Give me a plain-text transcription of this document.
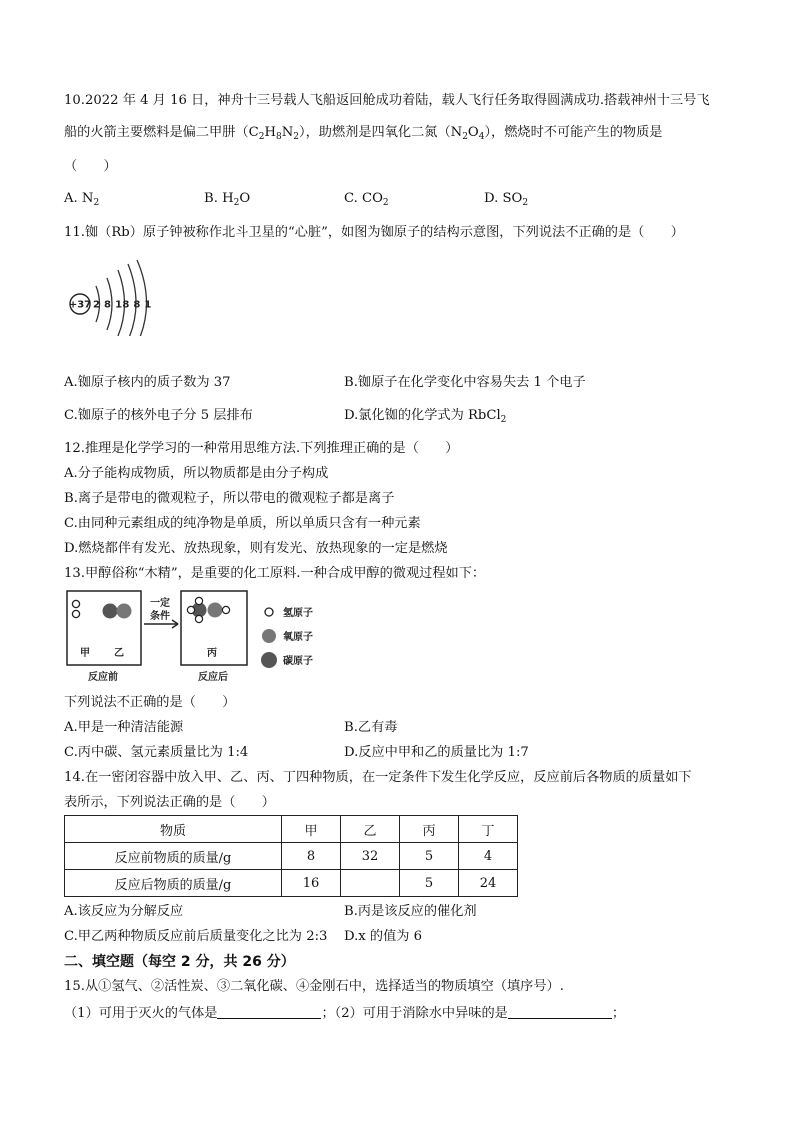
10.2022 年 4 月 16 日，神舟十三号载人飞船返回舱成功着陆，载人飞行任务取得圆满成功.搭载神州十三号飞
船的火箭主要燃料是偏二甲肼$(C_2H_8N_2)$，助燃剂是四氧化二氮$(N_2O_4)$，燃烧时不可能产生的物质是
（　　）
A. $N_2$	B. $H_2O$	C. $CO_2$	D. $SO_2$
11.铷（Rb）原子钟被称作北斗卫星的“心脏”，如图为铷原子的结构示意图，下列说法不正确的是（　　）
+37 2 8 18 8 1
A.铷原子核内的质子数为 37	B.铷原子在化学变化中容易失去 1 个电子
C.铷原子的核外电子分 5 层排布	D.氯化铷的化学式为 RbCl$_2$
12.推理是化学学习的一种常用思维方法.下列推理正确的是（　　）
A.分子能构成物质，所以物质都是由分子构成
B.离子是带电的微观粒子，所以带电的微观粒子都是离子
C.由同种元素组成的纯净物是单质，所以单质只含有一种元素
D.燃烧都伴有发光、放热现象，则有发光、放热现象的一定是燃烧
13.甲醇俗称“木精”，是重要的化工原料.一种合成甲醇的微观过程如下：
甲 乙
反应前
一定
条件
丙
反应后
氢原子
氧原子
碳原子
下列说法不正确的是（　　）
A.甲是一种清洁能源	B.乙有毒
C.丙中碳、氢元素质量比为 1:4	D.反应中甲和乙的质量比为 1:7
14.在一密闭容器中放入甲、乙、丙、丁四种物质，在一定条件下发生化学反应，反应前后各物质的质量如下
表所示，下列说法正确的是（　　）
物质	甲	乙	丙	丁
反应前物质的质量/g	8	32	5	4
反应后物质的质量/g	16		5	24
A.该反应为分解反应	B.丙是该反应的催化剂
C.甲乙两种物质反应前后质量变化之比为 2:3 D.x 的值为 6
二、填空题（每空 2 分，共 26 分）
15.从①氢气、②活性炭、③二氧化碳、④金刚石中，选择适当的物质填空（填序号）.
（1）可用于灭火的气体是	；（2）可用于消除水中异味的是	；
